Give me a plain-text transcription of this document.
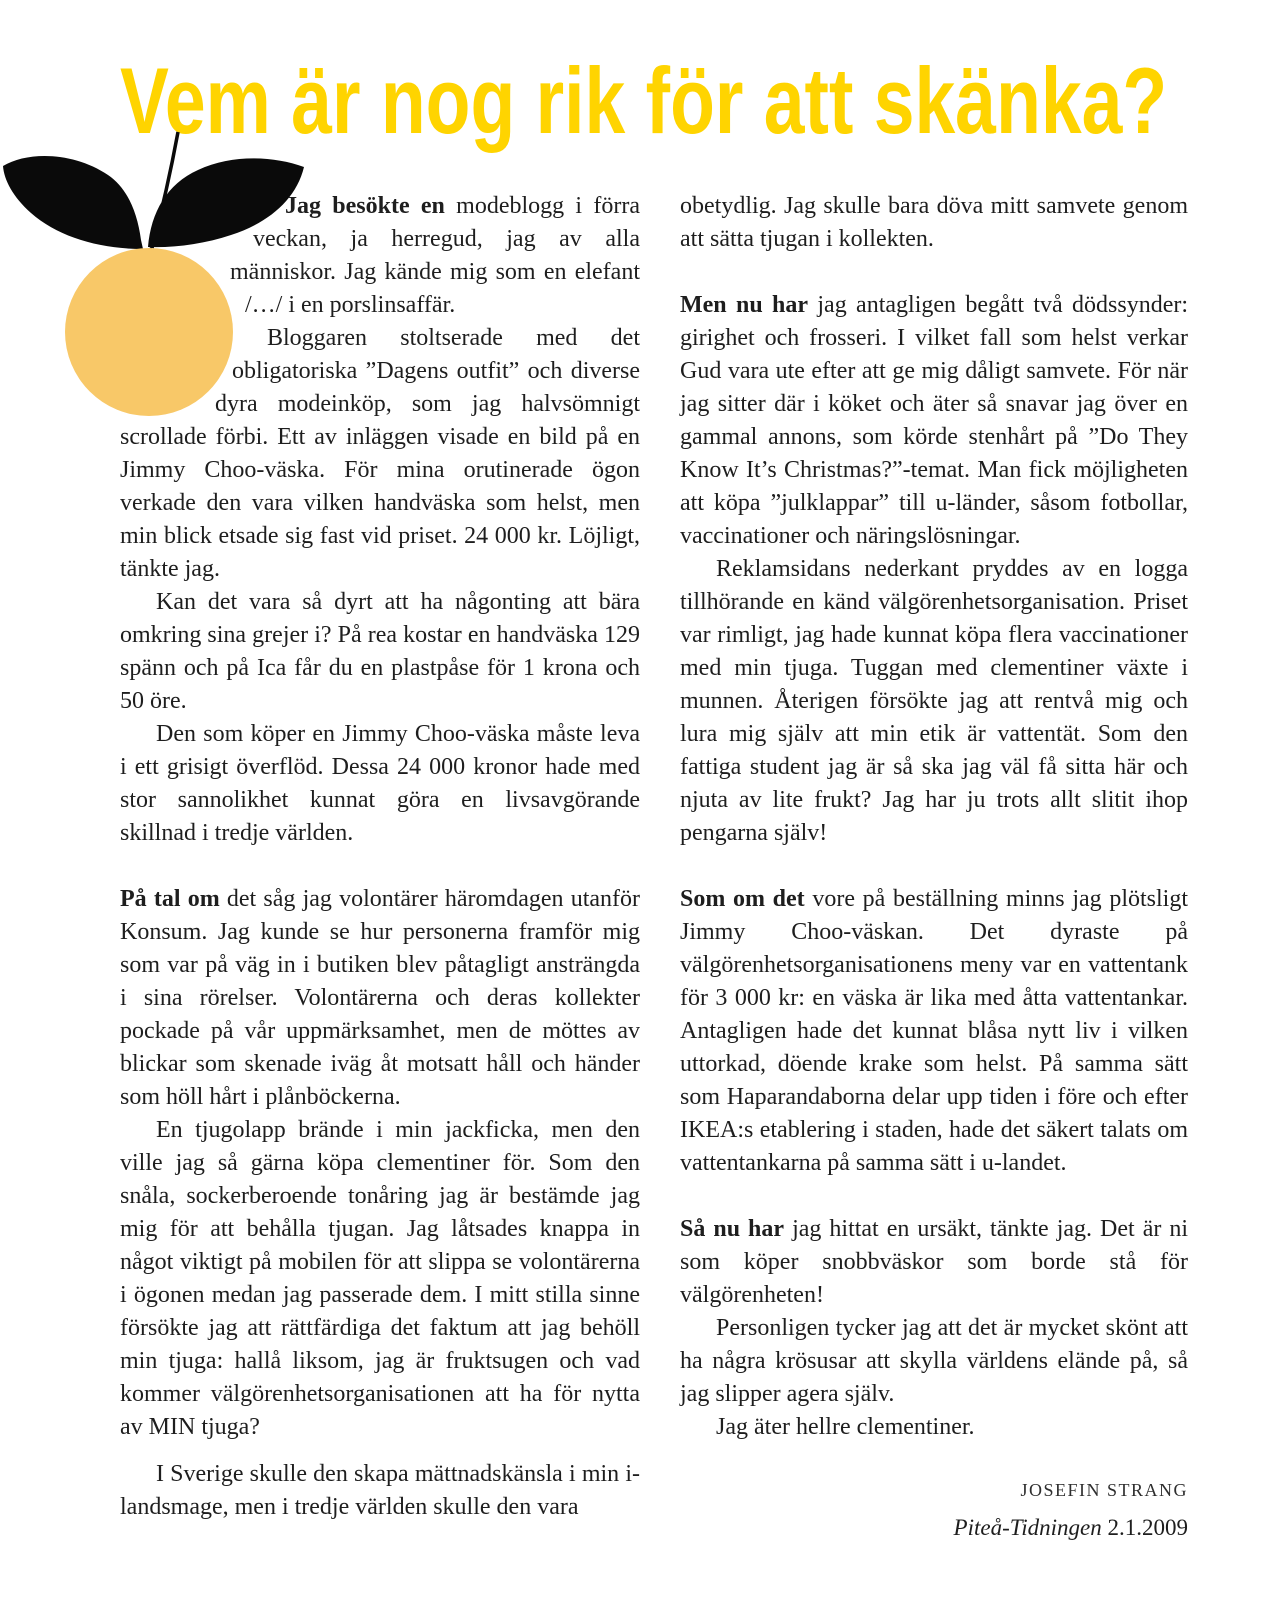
Vem är nog rik för att skänka?

Jag besökte en modeblogg i förra veckan, ja herregud, jag av alla människor. Jag kände mig som en elefant /…/ i en porslinsaffär.

Bloggaren stoltserade med det obligatoriska ”Dagens outfit” och diverse dyra modeinköp, som jag halvsömnigt scrollade förbi. Ett av inläggen visade en bild på en Jimmy Choo-väska. För mina orutinerade ögon verkade den vara vilken handväska som helst, men min blick etsade sig fast vid priset. 24 000 kr. Löjligt, tänkte jag.

Kan det vara så dyrt att ha någonting att bära omkring sina grejer i? På rea kostar en handväska 129 spänn och på Ica får du en plastpåse för 1 krona och 50 öre.

Den som köper en Jimmy Choo-väska måste leva i ett grisigt överflöd. Dessa 24 000 kronor hade med stor sannolikhet kunnat göra en livsavgörande skillnad i tredje världen.

På tal om det såg jag volontärer häromdagen utanför Konsum. Jag kunde se hur personerna framför mig som var på väg in i butiken blev påtagligt ansträngda i sina rörelser. Volontärerna och deras kollekter pockade på vår uppmärksamhet, men de möttes av blickar som skenade iväg åt motsatt håll och händer som höll hårt i plånböckerna.

En tjugolapp brände i min jackficka, men den ville jag så gärna köpa clementiner för. Som den snåla, sockerberoende tonåring jag är bestämde jag mig för att behålla tjugan. Jag låtsades knappa in något viktigt på mobilen för att slippa se volontärerna i ögonen medan jag passerade dem. I mitt stilla sinne försökte jag att rättfärdiga det faktum att jag behöll min tjuga: hallå liksom, jag är fruktsugen och vad kommer välgörenhetsorganisationen att ha för nytta av MIN tjuga?

I Sverige skulle den skapa mättnadskänsla i min i-landsmage, men i tredje världen skulle den vara

obetydlig. Jag skulle bara döva mitt samvete genom att sätta tjugan i kollekten.

Men nu har jag antagligen begått två dödssynder: girighet och frosseri. I vilket fall som helst verkar Gud vara ute efter att ge mig dåligt samvete. För när jag sitter där i köket och äter så snavar jag över en gammal annons, som körde stenhårt på ”Do They Know It’s Christmas?”-temat. Man fick möjligheten att köpa ”julklappar” till u-länder, såsom fotbollar, vaccinationer och näringslösningar.

Reklamsidans nederkant pryddes av en logga tillhörande en känd välgörenhetsorganisation. Priset var rimligt, jag hade kunnat köpa flera vaccinationer med min tjuga. Tuggan med clementiner växte i munnen. Återigen försökte jag att rentvå mig och lura mig själv att min etik är vattentät. Som den fattiga student jag är så ska jag väl få sitta här och njuta av lite frukt? Jag har ju trots allt slitit ihop pengarna själv!

Som om det vore på beställning minns jag plötsligt Jimmy Choo-väskan. Det dyraste på välgörenhetsorganisationens meny var en vattentank för 3 000 kr: en väska är lika med åtta vattentankar. Antagligen hade det kunnat blåsa nytt liv i vilken uttorkad, döende krake som helst. På samma sätt som Haparandaborna delar upp tiden i före och efter IKEA:s etablering i staden, hade det säkert talats om vattentankarna på samma sätt i u-landet.

Så nu har jag hittat en ursäkt, tänkte jag. Det är ni som köper snobbväskor som borde stå för välgörenheten!

Personligen tycker jag att det är mycket skönt att ha några krösusar att skylla världens elände på, så jag slipper agera själv.

Jag äter hellre clementiner.

JOSEFIN STRANG
Piteå-Tidningen 2.1.2009
